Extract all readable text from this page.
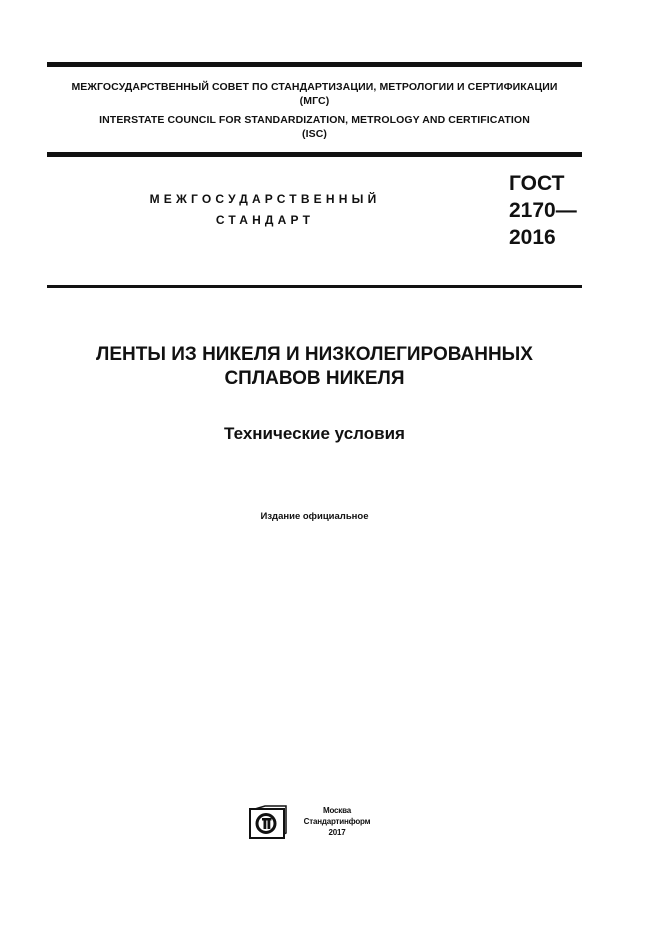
МЕЖГОСУДАРСТВЕННЫЙ СОВЕТ ПО СТАНДАРТИЗАЦИИ, МЕТРОЛОГИИ И СЕРТИФИКАЦИИ
(МГС)
INTERSTATE COUNCIL FOR STANDARDIZATION, METROLOGY AND CERTIFICATION
(ISC)
МЕЖГОСУДАРСТВЕННЫЙ
СТАНДАРТ
ГОСТ
2170—
2016
ЛЕНТЫ ИЗ НИКЕЛЯ И НИЗКОЛЕГИРОВАННЫХ
СПЛАВОВ НИКЕЛЯ
Технические условия
Издание официальное
Москва
Стандартинформ
2017
